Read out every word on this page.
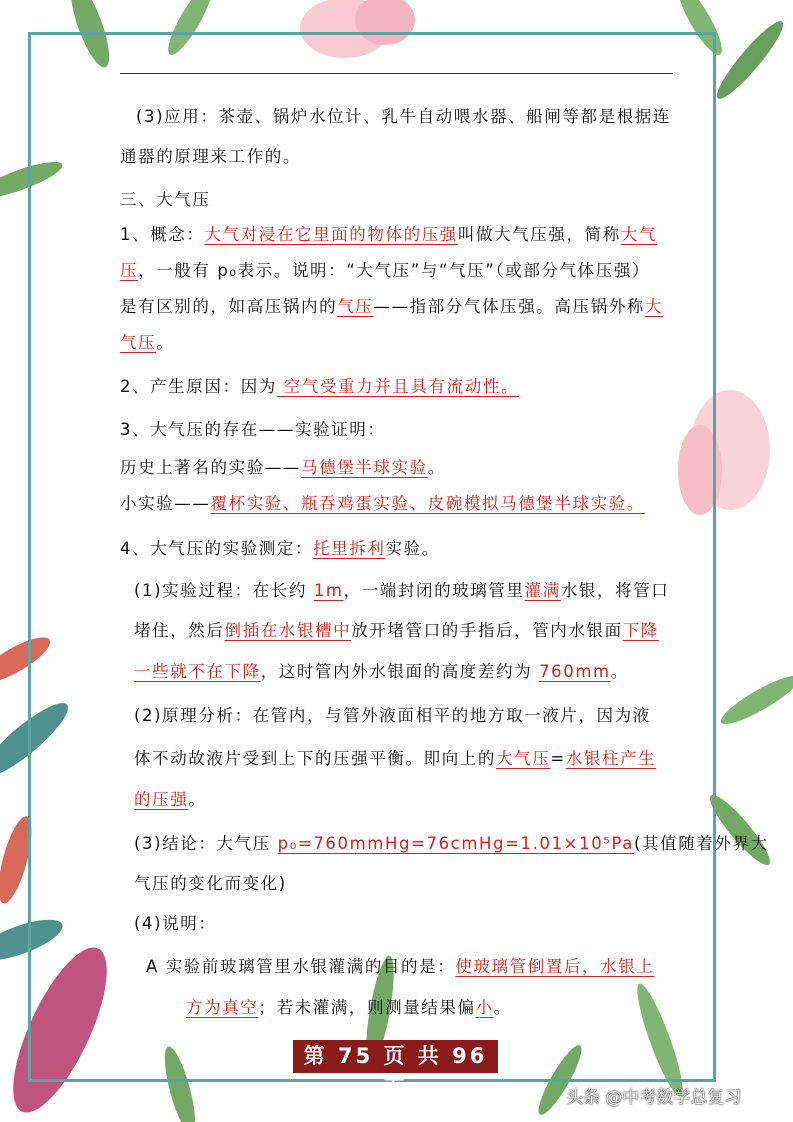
(3)应用：茶壶、锅炉水位计、乳牛自动喂水器、船闸等都是根据连
通器的原理来工作的。
三、大气压
1、概念：大气对浸在它里面的物体的压强叫做大气压强，简称大气
压，一般有 p₀表示。说明：“大气压”与“气压”（或部分气体压强）
是有区别的，如高压锅内的气压——指部分气体压强。高压锅外称大
气压。
2、产生原因：因为 空气受重力并且具有流动性。
3、大气压的存在——实验证明：
历史上著名的实验——马德堡半球实验。
小实验——覆杯实验、瓶吞鸡蛋实验、皮碗模拟马德堡半球实验。
4、大气压的实验测定：托里拆利实验。
(1)实验过程：在长约 1m，一端封闭的玻璃管里灌满水银，将管口
堵住，然后倒插在水银槽中放开堵管口的手指后，管内水银面下降
一些就不在下降，这时管内外水银面的高度差约为 760mm。
(2)原理分析：在管内，与管外液面相平的地方取一液片，因为液
体不动故液片受到上下的压强平衡。即向上的大气压=水银柱产生
的压强。
(3)结论：大气压 p₀=760mmHg=76cmHg=1.01×10⁵Pa(其值随着外界大
气压的变化而变化)
(4)说明：
A 实验前玻璃管里水银灌满的目的是：使玻璃管倒置后，水银上
方为真空；若未灌满，则测量结果偏小。
第 75 页 共 96 页	头条 @中考数学总复习
